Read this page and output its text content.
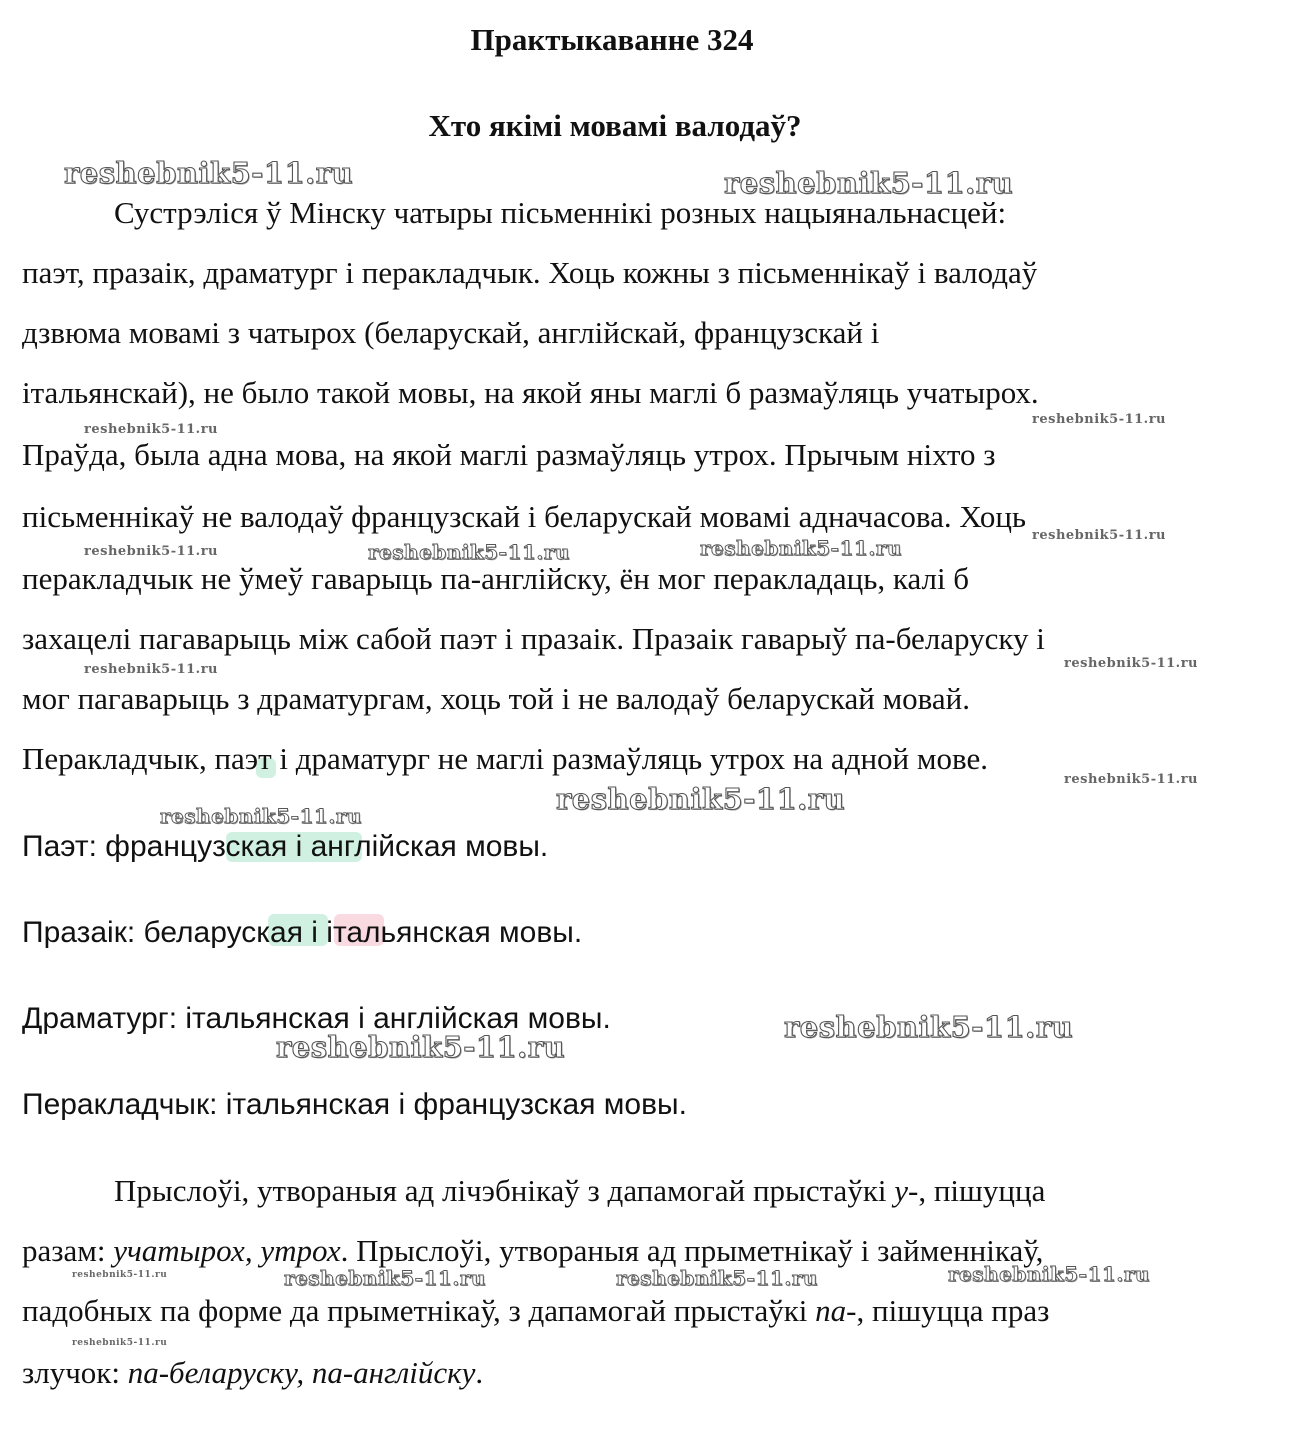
Практыкаванне 324
Хто якімі мовамі валодаў?

Сустрэліся ў Мінску чатыры пісьменнікі розных нацыянальнасцей:

паэт, празаік, драматург і перакладчык. Хоць кожны з пісьменнікаў і валодаў

дзвюма мовамі з чатырох (беларускай, англійскай, французскай і

італьянскай), не было такой мовы, на якой яны маглі б размаўляць учатырох.

Праўда, была адна мова, на якой маглі размаўляць утрох. Прычым ніхто з

пісьменнікаў не валодаў французскай і беларускай мовамі адначасова. Хоць

перакладчык не ўмеў гаварыць па-англійску, ён мог перакладаць, калі б

захацелі пагаварыць між сабой паэт і празаік. Празаік гаварыў па-беларуску і

мог пагаварыць з драматургам, хоць той і не валодаў беларускай мовай.

Перакладчык, паэт і драматург не маглі размаўляць утрох на адной мове.

Паэт: французская і англійская мовы.

Празаік: беларуская і італьянская мовы.

Драматург: італьянская і англійская мовы.

Перакладчык: італьянская і французская мовы.

Прыслоўі, утвораныя ад лічэбнікаў з дапамогай прыстаўкі у-, пішуцца

разам: учатырох, утрох. Прыслоўі, утвораныя ад прыметнікаў і займеннікаў,

падобных па форме да прыметнікаў, з дапамогай прыстаўкі па-, пішуцца праз

злучок: па-беларуску, па-англійску.

reshebnik5-11.ru	reshebnik5-11.ru
reshebnik5-11.ru
reshebnik5-11.ru
reshebnik5-11.ru	reshebnik5-11.ru	reshebnik5-11.ru
reshebnik5-11.ru
reshebnik5-11.ru	reshebnik5-11.ru
reshebnik5-11.ru
reshebnik5-11.ru
reshebnik5-11.ru
reshebnik5-11.ru
reshebnik5-11.ru
reshebnik5-11.ru	reshebnik5-11.ru	reshebnik5-11.ru	reshebnik5-11.ru
reshebnik5-11.ru
